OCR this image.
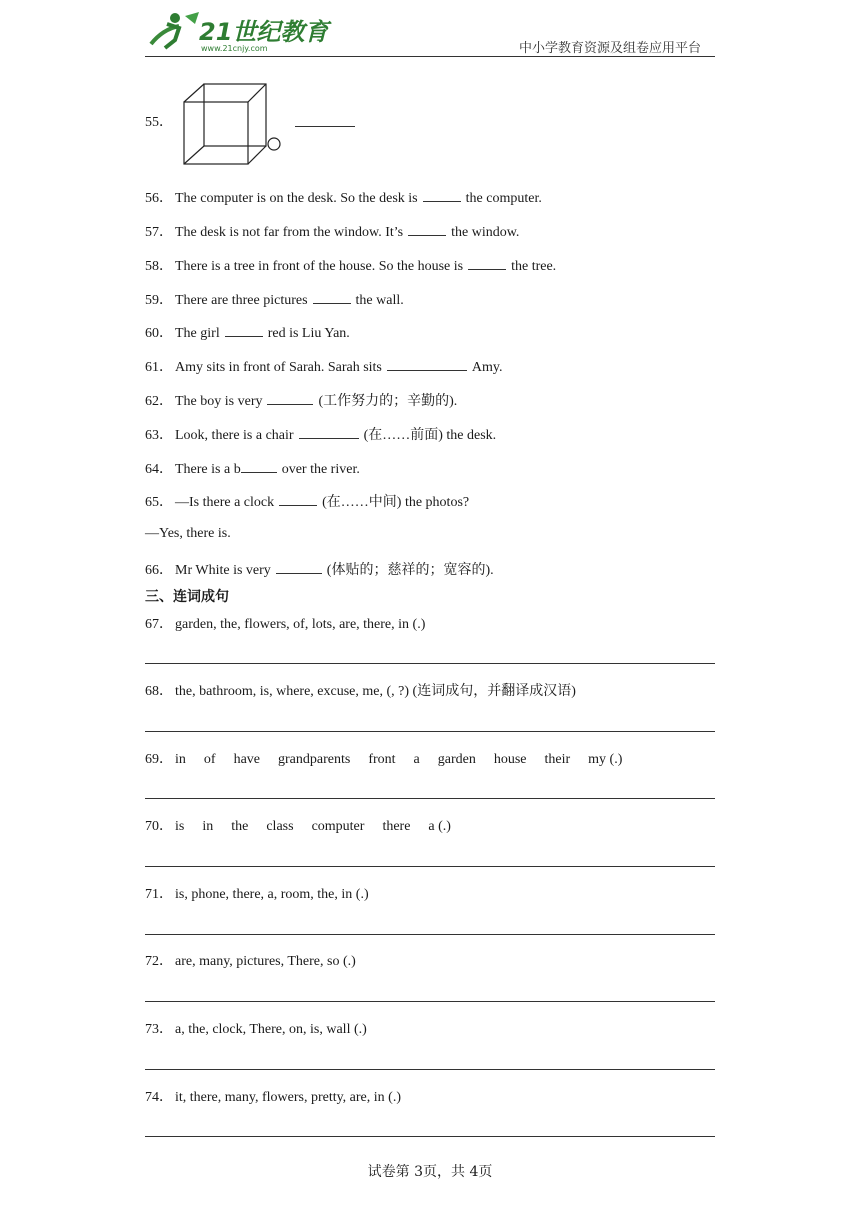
21世纪教育
www.21cnjy.com	中小学教育资源及组卷应用平台
55．
56． The computer is on the desk. So the desk is	the computer.
57． The desk is not far from the window. It’s	the window.
58． There is a tree in front of the house. So the house is	the tree.
59． There are three pictures	the wall.
60． The girl	red is Liu Yan.
61． Amy sits in front of Sarah. Sarah sits	Amy.
62． The boy is very	(工作努力的；辛勤的).
63． Look, there is a chair	(在……前面) the desk.
64． There is a b	over the river.
65． —Is there a clock	(在……中间) the photos?
—Yes, there is.
66． Mr White is very	(体贴的；慈祥的；宽容的).
三、连词成句
67． garden, the, flowers, of, lots, are, there, in (.)
68． the, bathroom, is, where, excuse, me, (, ?) (连词成句，并翻译成汉语)
69． in of have grandparents front a garden house their my (.)
70． is in the class computer there a (.)
71． is, phone, there, a, room, the, in (.)
72． are, many, pictures, There, so (.)
73． a, the, clock, There, on, is, wall (.)
74． it, there, many, flowers, pretty, are, in (.)
试卷第 3页，共 4页
